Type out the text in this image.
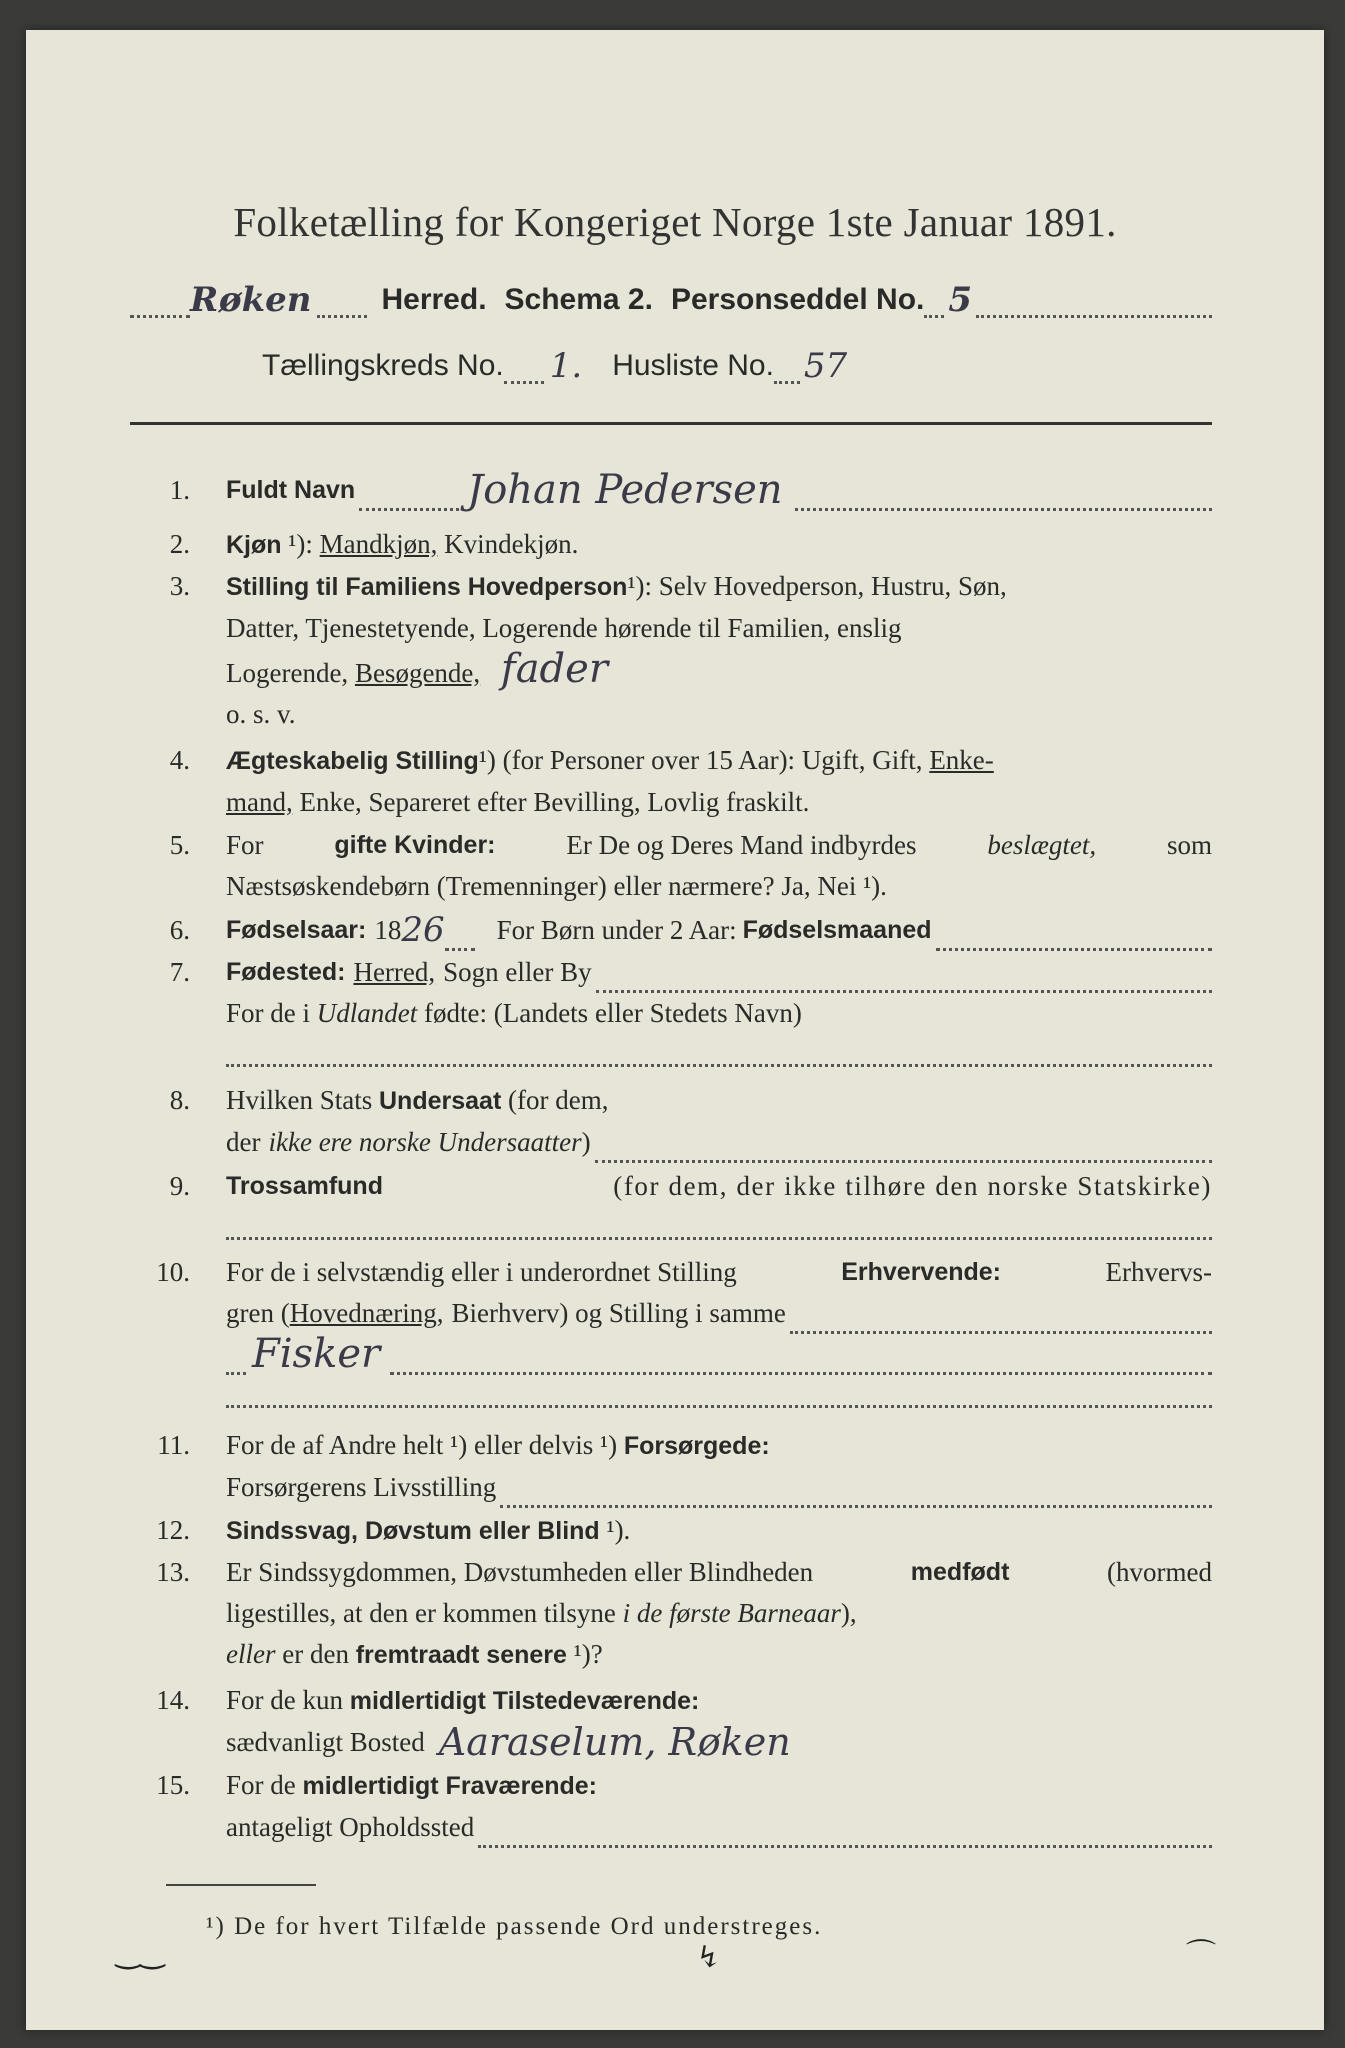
Folketælling for Kongeriget Norge 1ste Januar 1891.
Røken Herred. Schema 2. Personseddel No. 5
Tællingskreds No. 1. Husliste No. 57
1. Fuldt Navn	Johan Pedersen
2. Kjøn ¹): Mandkjøn, Kvindekjøn.
3. Stilling til Familiens Hovedperson¹): Selv Hovedperson, Hustru, Søn,
Datter, Tjenestetyende, Logerende hørende til Familien, enslig
Logerende, Besøgende, fader
o. s. v.
4. Ægteskabelig Stilling¹) (for Personer over 15 Aar): Ugift, Gift, Enke-
mand, Enke, Separeret efter Bevilling, Lovlig fraskilt.
5. For	gifte Kvinder:	Er De og Deres Mand indbyrdes	beslægtet,	som
Næstsøskendebørn (Tremenninger) eller nærmere? Ja, Nei ¹).
6. Fødselsaar: 18 26 For Børn under 2 Aar: Fødselsmaaned
7. Fødested: Herred, Sogn eller By
For de i Udlandet fødte: (Landets eller Stedets Navn)
8. Hvilken Stats Undersaat (for dem,
der ikke ere norske Undersaatter )
9. Trossamfund	(for dem, der ikke tilhøre den norske Statskirke)
10. For de i selvstændig eller i underordnet Stilling	Erhvervende:	Erhvervs-
gren ( Hovednæring, Bierhverv) og Stilling i samme
Fisker
11. For de af Andre helt ¹) eller delvis ¹) Forsørgede:
Forsørgerens Livsstilling
12. Sindssvag, Døvstum eller Blind ¹).
13. Er Sindssygdommen, Døvstumheden eller Blindheden	medfødt	(hvormed
ligestilles, at den er kommen tilsyne i de første Barneaar),
eller er den fremtraadt senere ¹)?
14. For de kun midlertidigt Tilstedeværende:
sædvanligt Bosted Aaraselum, Røken
15. For de midlertidigt Fraværende:
antageligt Opholdssted
¹) De for hvert Tilfælde passende Ord understreges.
‿‿	↯	⌒
